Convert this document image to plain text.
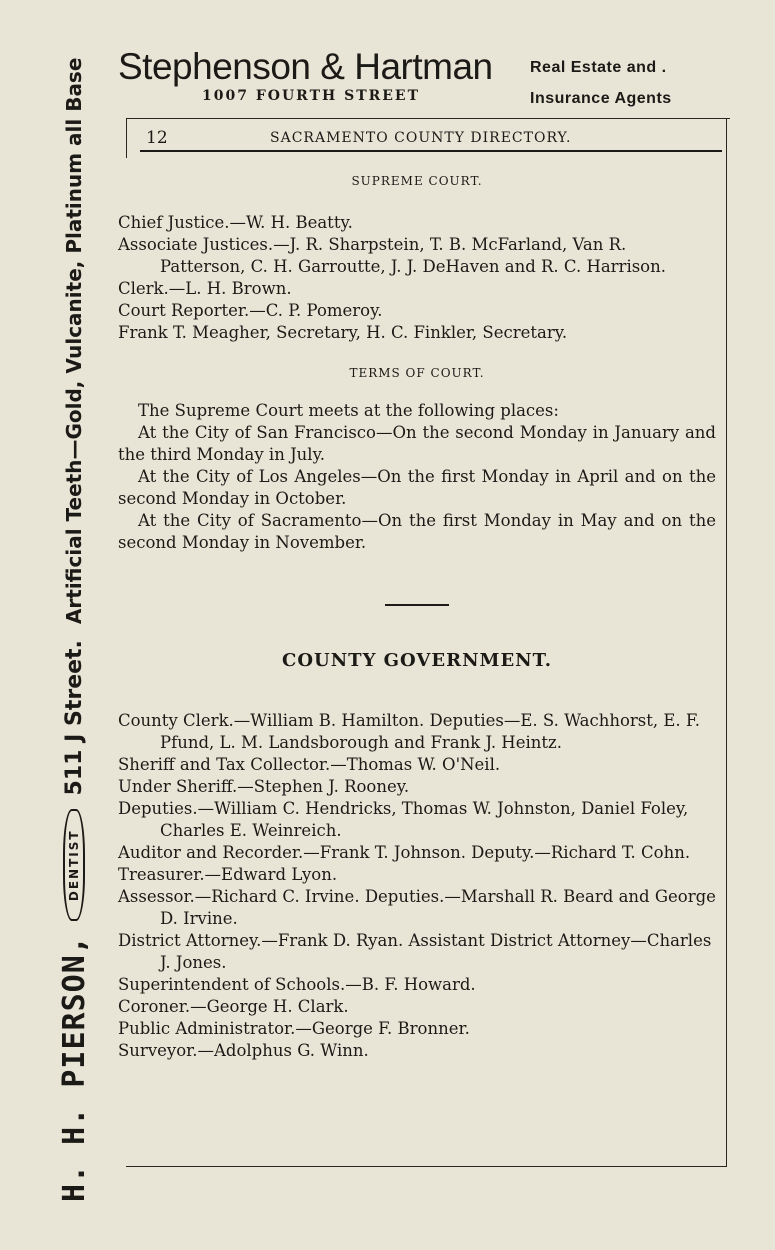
H. H. PIERSON,
DENTIST
511 J Street.
Artificial Teeth—Gold, Vulcanite, Platinum all Base Stephenson & Hartman
1007 FOURTH STREET
Real Estate and .
Insurance Agents
12	SACRAMENTO COUNTY DIRECTORY.

SUPREME COURT.

Chief Justice.—W. H. Beatty.

Associate Justices.—J. R. Sharpstein, T. B. McFarland, Van R. Patterson, C. H. Garroutte, J. J. DeHaven and R. C. Harrison.

Clerk.—L. H. Brown.

Court Reporter.—C. P. Pomeroy.

Frank T. Meagher, Secretary, H. C. Finkler, Secretary.

TERMS OF COURT.

The Supreme Court meets at the following places:

At the City of San Francisco—On the second Monday in January and the third Monday in July.

At the City of Los Angeles—On the first Monday in April and on the second Monday in October.

At the City of Sacramento—On the first Monday in May and on the second Monday in November.

COUNTY GOVERNMENT.

County Clerk.—William B. Hamilton. Deputies—E. S. Wachhorst, E. F. Pfund, L. M. Landsborough and Frank J. Heintz.

Sheriff and Tax Collector.—Thomas W. O'Neil.

Under Sheriff.—Stephen J. Rooney.

Deputies.—William C. Hendricks, Thomas W. Johnston, Daniel Foley, Charles E. Weinreich.

Auditor and Recorder.—Frank T. Johnson. Deputy.—Richard T. Cohn.

Treasurer.—Edward Lyon.

Assessor.—Richard C. Irvine. Deputies.—Marshall R. Beard and George D. Irvine.

District Attorney.—Frank D. Ryan. Assistant District Attorney—Charles J. Jones.

Superintendent of Schools.—B. F. Howard.

Coroner.—George H. Clark.

Public Administrator.—George F. Bronner.

Surveyor.—Adolphus G. Winn.
